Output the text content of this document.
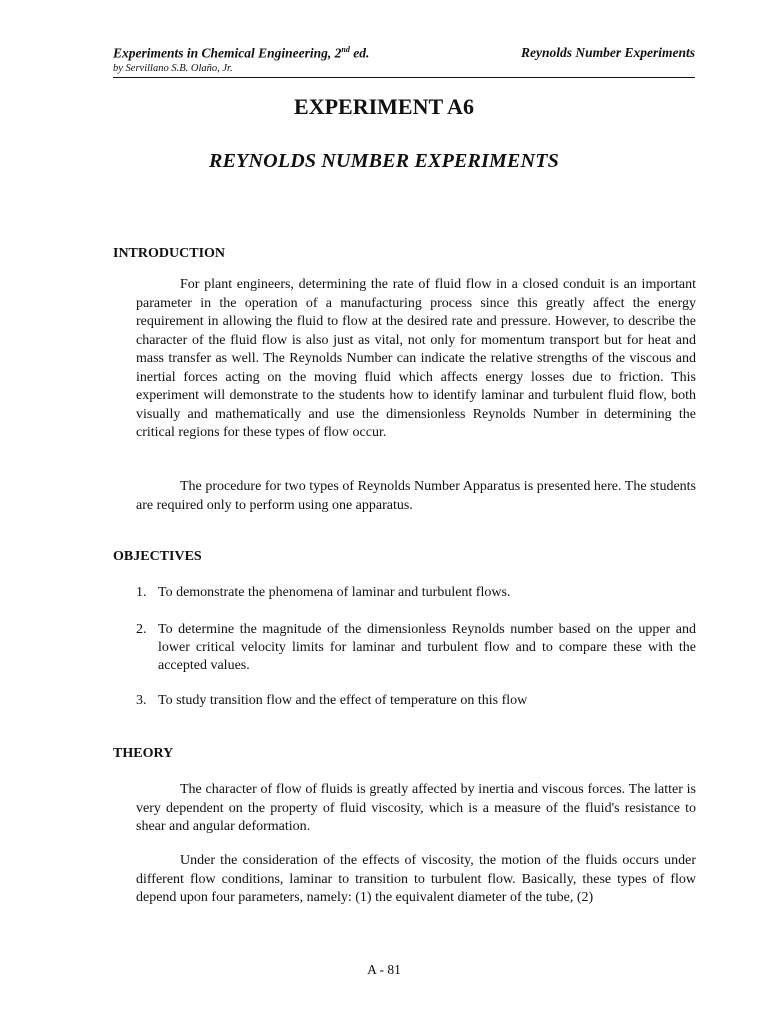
Experiments in Chemical Engineering, 2nd ed.	Reynolds Number Experiments
by Servillano S.B. Olaño, Jr.
EXPERIMENT A6
REYNOLDS NUMBER EXPERIMENTS
INTRODUCTION
For plant engineers, determining the rate of fluid flow in a closed conduit is an important parameter in the operation of a manufacturing process since this greatly affect the energy requirement in allowing the fluid to flow at the desired rate and pressure. However, to describe the character of the fluid flow is also just as vital, not only for momentum transport but for heat and mass transfer as well. The Reynolds Number can indicate the relative strengths of the viscous and inertial forces acting on the moving fluid which affects energy losses due to friction. This experiment will demonstrate to the students how to identify laminar and turbulent fluid flow, both visually and mathematically and use the dimensionless Reynolds Number in determining the critical regions for these types of flow occur.
The procedure for two types of Reynolds Number Apparatus is presented here. The students are required only to perform using one apparatus.
OBJECTIVES
1. To demonstrate the phenomena of laminar and turbulent flows.
2. To determine the magnitude of the dimensionless Reynolds number based on the upper and lower critical velocity limits for laminar and turbulent flow and to compare these with the accepted values.
3. To study transition flow and the effect of temperature on this flow
THEORY
The character of flow of fluids is greatly affected by inertia and viscous forces. The latter is very dependent on the property of fluid viscosity, which is a measure of the fluid's resistance to shear and angular deformation.
Under the consideration of the effects of viscosity, the motion of the fluids occurs under different flow conditions, laminar to transition to turbulent flow. Basically, these types of flow depend upon four parameters, namely: (1) the equivalent diameter of the tube, (2)
A - 81
